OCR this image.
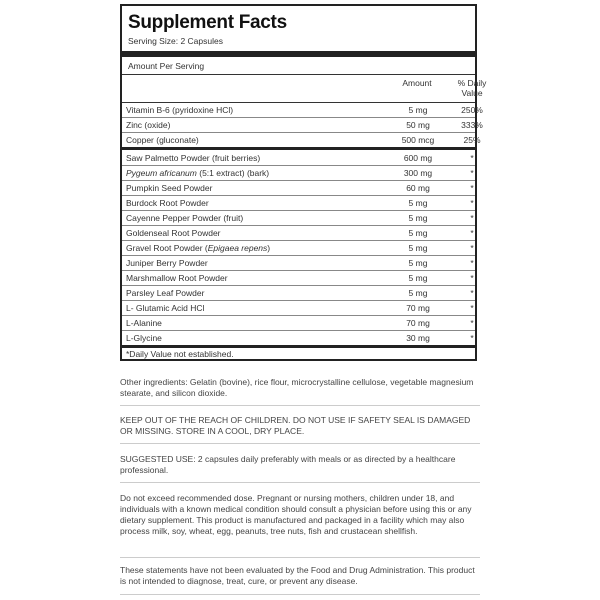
Supplement Facts
Serving Size: 2 Capsules
Amount Per Serving
Amount	% Daily
Value
Vitamin B-6 (pyridoxine HCl)	5 mg	250%
Zinc (oxide)	50 mg	333%
Copper (gluconate)	500 mcg	25%
Saw Palmetto Powder (fruit berries)	600 mg	*
Pygeum africanum (5:1 extract) (bark)	300 mg	*
Pumpkin Seed Powder	60 mg	*
Burdock Root Powder	5 mg	*
Cayenne Pepper Powder (fruit)	5 mg	*
Goldenseal Root Powder	5 mg	*
Gravel Root Powder (Epigaea repens)	5 mg	*
Juniper Berry Powder	5 mg	*
Marshmallow Root Powder	5 mg	*
Parsley Leaf Powder	5 mg	*
L- Glutamic Acid HCl	70 mg	*
L-Alanine	70 mg	*
L-Glycine	30 mg	*
*Daily Value not established.
Other ingredients: Gelatin (bovine), rice flour, microcrystalline cellulose, vegetable magnesium stearate, and silicon dioxide.
KEEP OUT OF THE REACH OF CHILDREN. DO NOT USE IF SAFETY SEAL IS DAMAGED OR MISSING. STORE IN A COOL, DRY PLACE.
SUGGESTED USE: 2 capsules daily preferably with meals or as directed by a healthcare professional.
Do not exceed recommended dose. Pregnant or nursing mothers, children under 18, and individuals with a known medical condition should consult a physician before using this or any dietary supplement. This product is manufactured and packaged in a facility which may also process milk, soy, wheat, egg, peanuts, tree nuts, fish and crustacean shellfish.
These statements have not been evaluated by the Food and Drug Administration. This product is not intended to diagnose, treat, cure, or prevent any disease.
